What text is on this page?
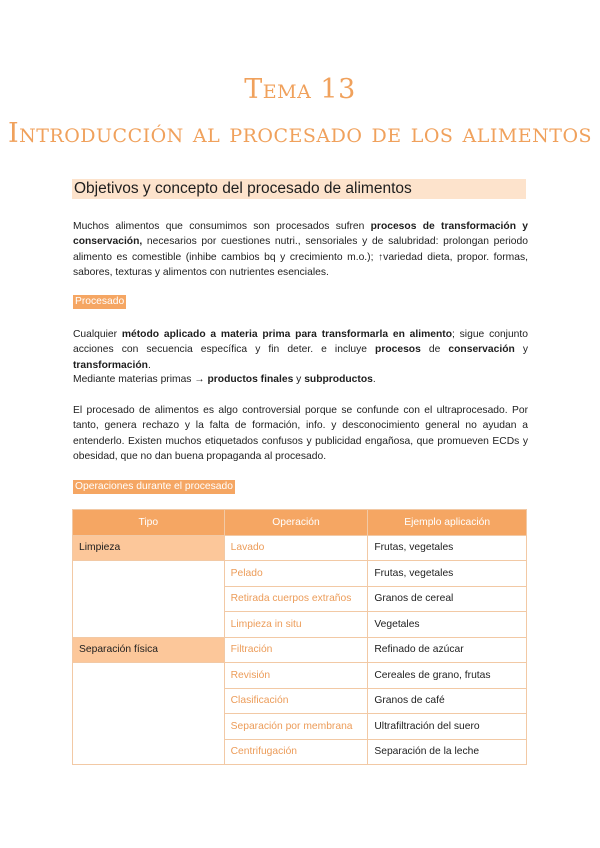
Tema 13
Introducción al procesado de los alimentos
Objetivos y concepto del procesado de alimentos

Muchos alimentos que consumimos son procesados sufren procesos de transformación y conservación, necesarios por cuestiones nutri., sensoriales y de salubridad: prolongan periodo alimento es comestible (inhibe cambios bq y crecimiento m.o.); ↑variedad dieta, propor. formas, sabores, texturas y alimentos con nutrientes esenciales.

Procesado

Cualquier método aplicado a materia prima para transformarla en alimento; sigue conjunto acciones con secuencia específica y fin deter. e incluye procesos de conservación y transformación.

Mediante materias primas → productos finales y subproductos.

El procesado de alimentos es algo controversial porque se confunde con el ultraprocesado. Por tanto, genera rechazo y la falta de formación, info. y desconocimiento general no ayudan a entenderlo. Existen muchos etiquetados confusos y publicidad engañosa, que promueven ECDs y obesidad, que no dan buena propaganda al procesado.

Operaciones durante el procesado
Tipo	Operación	Ejemplo aplicación
Limpieza	Lavado	Frutas, vegetales
	Pelado	Frutas, vegetales
	Retirada cuerpos extraños	Granos de cereal
	Limpieza in situ	Vegetales
Separación física	Filtración	Refinado de azúcar
	Revisión	Cereales de grano, frutas
	Clasificación	Granos de café
	Separación por membrana	Ultrafiltración del suero
	Centrifugación	Separación de la leche
